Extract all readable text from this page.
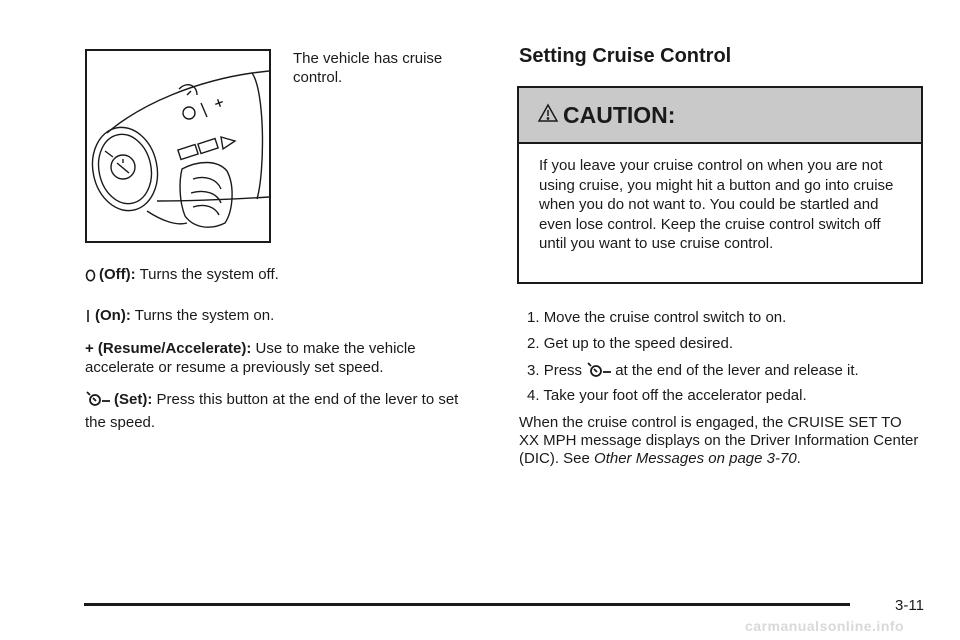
The vehicle has cruise control.

(Off): Turns the system off.

(On): Turns the system on.

+ (Resume/Accelerate): Use to make the vehicle accelerate or resume a previously set speed.

(Set): Press this button at the end of the lever to set the speed.

Setting Cruise Control
CAUTION:
If you leave your cruise control on when you are not using cruise, you might hit a button and go into cruise when you do not want to. You could be startled and even lose control. Keep the cruise control switch off until you want to use cruise control.

1. Move the cruise control switch to on.

2. Get up to the speed desired.

3. Press at the end of the lever and release it.

4. Take your foot off the accelerator pedal.

When the cruise control is engaged, the CRUISE SET TO XX MPH message displays on the Driver Information Center (DIC). See Other Messages on page 3-70.

3-11
carmanualsonline.info
